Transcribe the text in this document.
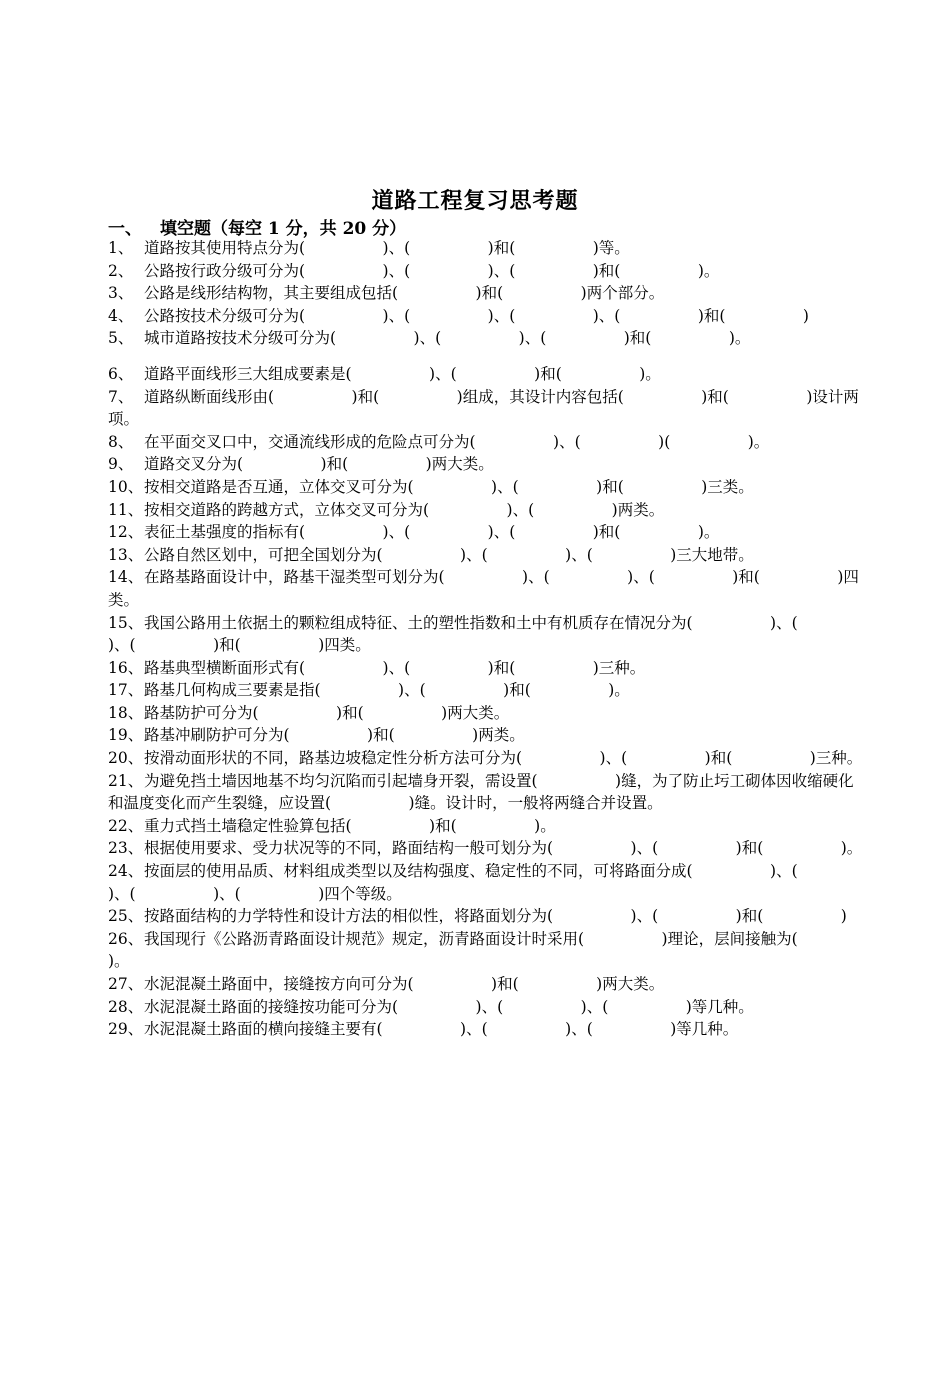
道路工程复习思考题
一、 填空题（每空 1 分，共 20 分）

1、 道路按其使用特点分为(　　　　　)、(　　　　　)和(　　　　　)等。

2、 公路按行政分级可分为(　　　　　)、(　　　　　)、(　　　　　)和(　　　　　)。

3、 公路是线形结构物，其主要组成包括(　　　　　)和(　　　　　)两个部分。

4、 公路按技术分级可分为(　　　　　)、(　　　　　)、(　　　　　)、(　　　　　)和(　　　　　)

5、 城市道路按技术分级可分为(　　　　　)、(　　　　　)、(　　　　　)和(　　　　　)。

6、 道路平面线形三大组成要素是(　　　　　)、(　　　　　)和(　　　　　)。

7、 道路纵断面线形由(　　　　　)和(　　　　　)组成，其设计内容包括(　　　　　)和(　　　　　)设计两项。

8、 在平面交叉口中，交通流线形成的危险点可分为(　　　　　)、(　　　　　)(　　　　　)。

9、 道路交叉分为(　　　　　)和(　　　　　)两大类。

10、按相交道路是否互通，立体交叉可分为(　　　　　)、(　　　　　)和(　　　　　)三类。

11、按相交道路的跨越方式，立体交叉可分为(　　　　　)、(　　　　　)两类。

12、表征土基强度的指标有(　　　　　)、(　　　　　)、(　　　　　)和(　　　　　)。

13、公路自然区划中，可把全国划分为(　　　　　)、(　　　　　)、(　　　　　)三大地带。

14、在路基路面设计中，路基干湿类型可划分为(　　　　　)、(　　　　　)、(　　　　　)和(　　　　　)四类。

15、我国公路用土依据土的颗粒组成特征、土的塑性指数和土中有机质存在情况分为(　　　　　)、(　　　　　)、(　　　　　)和(　　　　　)四类。

16、路基典型横断面形式有(　　　　　)、(　　　　　)和(　　　　　)三种。

17、路基几何构成三要素是指(　　　　　)、(　　　　　)和(　　　　　)。

18、路基防护可分为(　　　　　)和(　　　　　)两大类。

19、路基冲刷防护可分为(　　　　　)和(　　　　　)两类。

20、按滑动面形状的不同，路基边坡稳定性分析方法可分为(　　　　　)、(　　　　　)和(　　　　　)三种。

21、为避免挡土墙因地基不均匀沉陷而引起墙身开裂，需设置(　　　　　)缝，为了防止圬工砌体因收缩硬化和温度变化而产生裂缝，应设置(　　　　　)缝。设计时，一般将两缝合并设置。

22、重力式挡土墙稳定性验算包括(　　　　　)和(　　　　　)。

23、根据使用要求、受力状况等的不同，路面结构一般可划分为(　　　　　)、(　　　　　)和(　　　　　)。

24、按面层的使用品质、材料组成类型以及结构强度、稳定性的不同，可将路面分成(　　　　　)、(　　　　　)、(　　　　　)、(　　　　　)四个等级。

25、按路面结构的力学特性和设计方法的相似性，将路面划分为(　　　　　)、(　　　　　)和(　　　　　)

26、我国现行《公路沥青路面设计规范》规定，沥青路面设计时采用(　　　　　)理论，层间接触为(　　　　　)。

27、水泥混凝土路面中，接缝按方向可分为(　　　　　)和(　　　　　)两大类。

28、水泥混凝土路面的接缝按功能可分为(　　　　　)、(　　　　　)、(　　　　　)等几种。

29、水泥混凝土路面的横向接缝主要有(　　　　　)、(　　　　　)、(　　　　　)等几种。
